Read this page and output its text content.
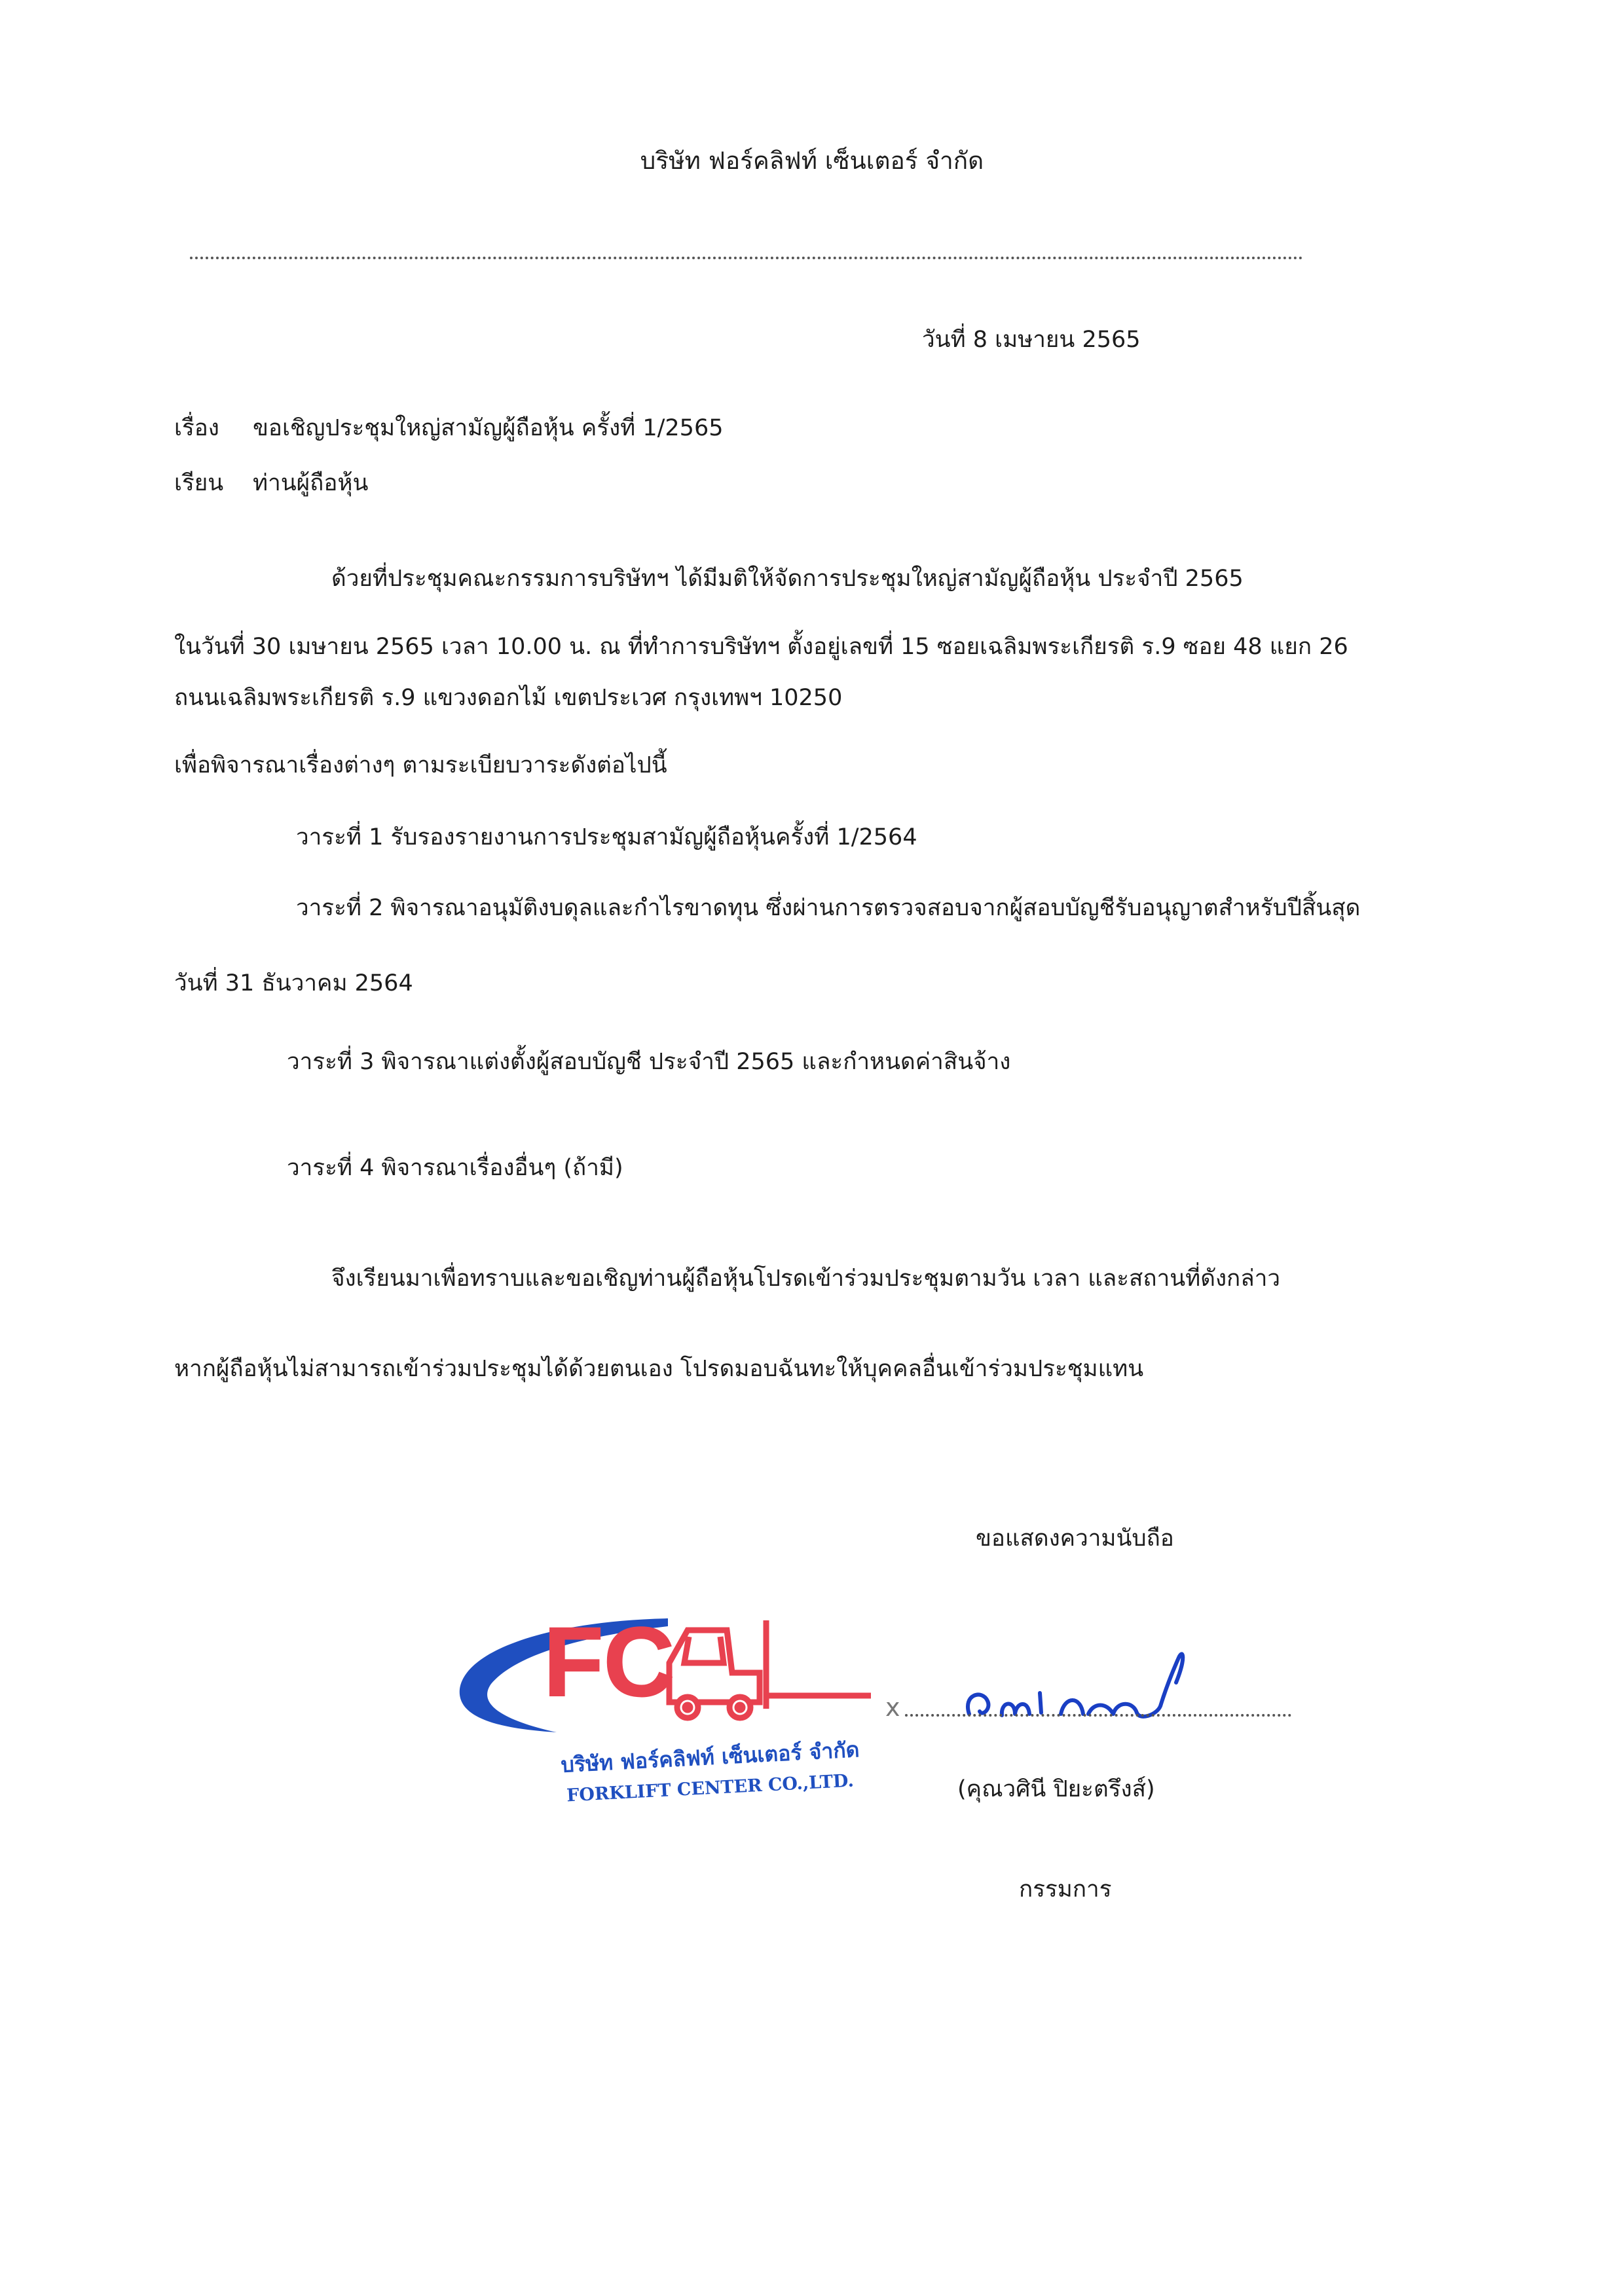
บริษัท ฟอร์คลิฟท์ เซ็นเตอร์ จำกัด
วันที่ 8 เมษายน 2565
เรื่อง ขอเชิญประชุมใหญ่สามัญผู้ถือหุ้น ครั้งที่ 1/2565
เรียน ท่านผู้ถือหุ้น
ด้วยที่ประชุมคณะกรรมการบริษัทฯ ได้มีมติให้จัดการประชุมใหญ่สามัญผู้ถือหุ้น ประจำปี 2565
ในวันที่ 30 เมษายน 2565 เวลา 10.00 น. ณ ที่ทำการบริษัทฯ ตั้งอยู่เลขที่ 15 ซอยเฉลิมพระเกียรติ ร.9 ซอย 48 แยก 26
ถนนเฉลิมพระเกียรติ ร.9 แขวงดอกไม้ เขตประเวศ กรุงเทพฯ 10250
เพื่อพิจารณาเรื่องต่างๆ ตามระเบียบวาระดังต่อไปนี้
วาระที่ 1 รับรองรายงานการประชุมสามัญผู้ถือหุ้นครั้งที่ 1/2564
วาระที่ 2 พิจารณาอนุมัติงบดุลและกำไรขาดทุน ซึ่งผ่านการตรวจสอบจากผู้สอบบัญชีรับอนุญาตสำหรับปีสิ้นสุด
วันที่ 31 ธันวาคม 2564
วาระที่ 3 พิจารณาแต่งตั้งผู้สอบบัญชี ประจำปี 2565 และกำหนดค่าสินจ้าง
วาระที่ 4 พิจารณาเรื่องอื่นๆ (ถ้ามี)
จึงเรียนมาเพื่อทราบและขอเชิญท่านผู้ถือหุ้นโปรดเข้าร่วมประชุมตามวัน เวลา และสถานที่ดังกล่าว
หากผู้ถือหุ้นไม่สามารถเข้าร่วมประชุมได้ด้วยตนเอง โปรดมอบฉันทะให้บุคคลอื่นเข้าร่วมประชุมแทน
ขอแสดงความนับถือ
FC
บริษัท ฟอร์คลิฟท์ เซ็นเตอร์ จำกัด
FORKLIFT CENTER CO.,LTD.
x
(คุณวศินี ปิยะตรึงส์)
กรรมการ
